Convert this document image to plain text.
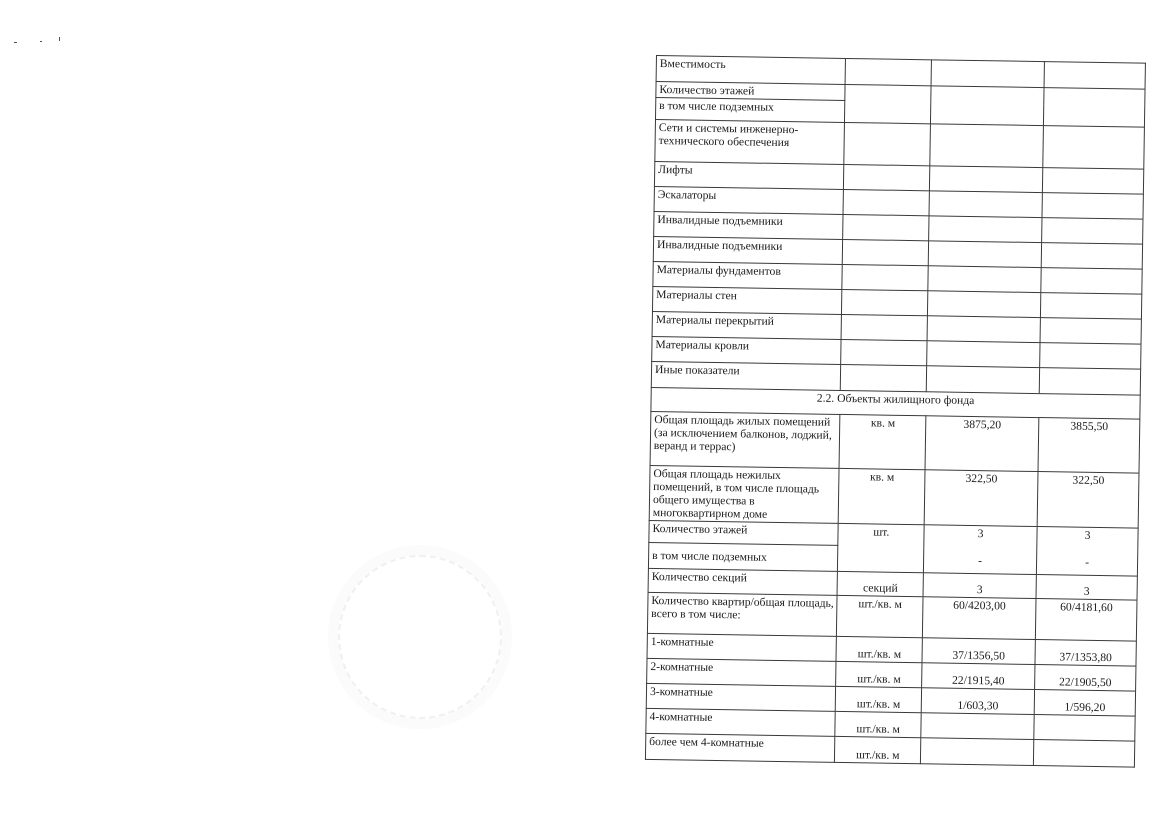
Вместимость			
Количество этажей			
в том числе подземных			
Сети и системы инженерно-технического обеспечения			
Лифты			
Эскалаторы			
Инвалидные подъемники			
Инвалидные подъемники			
Материалы фундаментов			
Материалы стен			
Материалы перекрытий			
Материалы кровли			
Иные показатели			
2.2. Объекты жилищного фонда			
Общая площадь жилых помещений (за исключением балконов, лоджий, веранд и террас)	кв. м	3875,20	3855,50
Общая площадь нежилых помещений, в том числе площадь общего имущества в многоквартирном доме	кв. м	322,50	322,50
Количество этажей	шт.	3	3
в том числе подземных		-	-
Количество секций	секций	3	3
Количество квартир/общая площадь, всего в том числе:	шт./кв. м	60/4203,00	60/4181,60
1-комнатные	шт./кв. м	37/1356,50	37/1353,80
2-комнатные	шт./кв. м	22/1915,40	22/1905,50
3-комнатные	шт./кв. м	1/603,30	1/596,20
4-комнатные	шт./кв. м		
более чем 4-комнатные	шт./кв. м		
